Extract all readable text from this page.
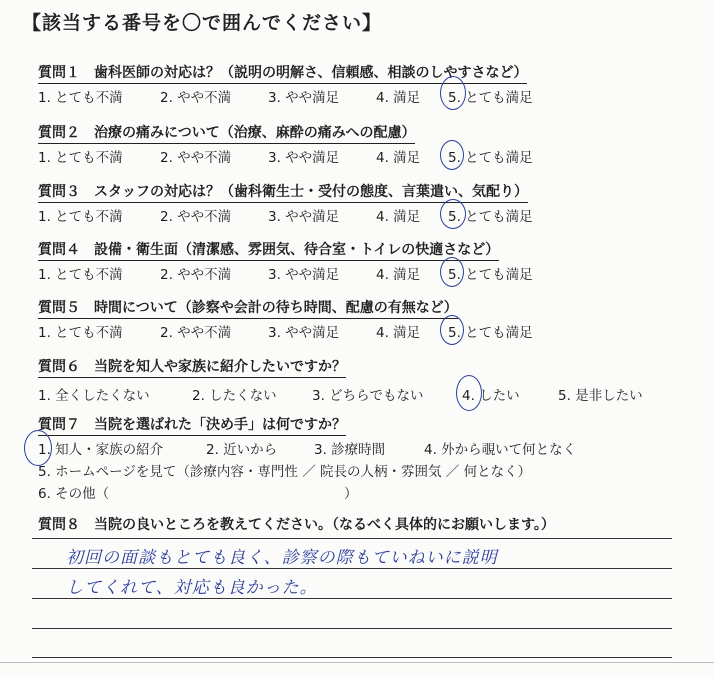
【該当する番号を〇で囲んでください】
質問１ 歯科医師の対応は？（説明の明解さ、信頼感、相談のしやすさなど）
1. とても不満	2. やや不満	3. やや満足	4. 満足 5. とても満足
質問２ 治療の痛みについて（治療、麻酔の痛みへの配慮）
1. とても不満	2. やや不満	3. やや満足	4. 満足 5. とても満足
質問３ スタッフの対応は？（歯科衛生士・受付の態度、言葉遣い、気配り）
1. とても不満	2. やや不満	3. やや満足	4. 満足 5. とても満足
質問４ 設備・衛生面（清潔感、雰囲気、待合室・トイレの快適さなど）
1. とても不満	2. やや不満	3. やや満足	4. 満足 5. とても満足
質問５ 時間について（診察や会計の待ち時間、配慮の有無など）
1. とても不満	2. やや不満	3. やや満足	4. 満足 5. とても満足
質問６ 当院を知人や家族に紹介したいですか？
1. 全くしたくない	2. したくない	3. どちらでもない	4. したい	5. 是非したい
質問７ 当院を選ばれた「決め手」は何ですか？
1. 知人・家族の紹介	2. 近いから	3. 診療時間	4. 外から覗いて何となく
5. ホームページを見て（診療内容・専門性 ／ 院長の人柄・雰囲気 ／ 何となく）
6. その他（	）
質問８ 当院の良いところを教えてください。（なるべく具体的にお願いします。）
初回の面談もとても良く、診察の際もていねいに説明
してくれて、対応も良かった。
